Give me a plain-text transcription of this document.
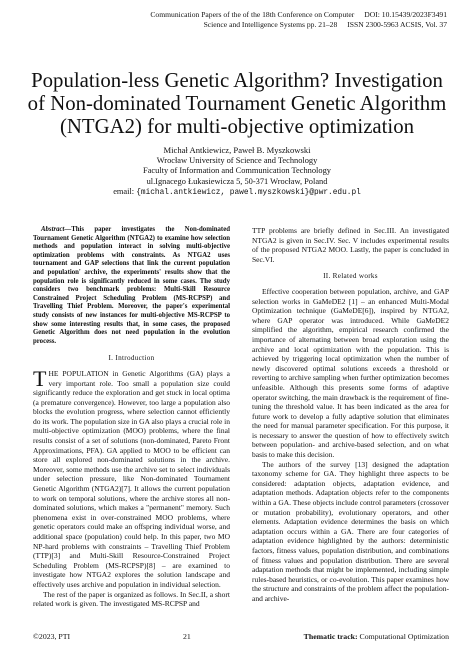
Communication Papers of the of the 18th Conference on Computer DOI: 10.15439/2023F3491
Science and Intelligence Systems pp. 21–28 ISSN 2300-5963 ACSIS, Vol. 37
Population-less Genetic Algorithm? Investigation of Non-dominated Tournament Genetic Algorithm (NTGA2) for multi-objective optimization
Michał Antkiewicz, Paweł B. Myszkowski
Wrocław University of Science and Technology
Faculty of Information and Communication Technology
ul.Ignacego Łukasiewicza 5, 50-371 Wrocław, Poland
email: {michal.antkiewicz, pawel.myszkowski}@pwr.edu.pl

Abstract—This paper investigates the Non-dominated Tournament Genetic Algorithm (NTGA2) to examine how selection methods and population interact in solving multi-objective optimization problems with constraints. As NTGA2 uses tournament and GAP selections that link the current population and population' archive, the experiments' results show that the population role is significantly reduced in some cases. The study considers two benchmark problems: Multi-Skill Resource Constrained Project Scheduling Problem (MS-RCPSP) and Travelling Thief Problem. Moreover, the paper's experimental study consists of new instances for multi-objective MS-RCPSP to show some interesting results that, in some cases, the proposed Genetic Algorithm does not need population in the evolution process.

I. Introduction

THE POPULATION in Genetic Algorithms (GA) plays a very important role. Too small a population size could significantly reduce the exploration and get stuck in local optima (a premature convergence). However, too large a population also blocks the evolution progress, where selection cannot efficiently do its work. The population size in GA also plays a crucial role in multi-objective optimization (MOO) problems, where the final results consist of a set of solutions (non-dominated, Pareto Front Approximations, PFA). GA applied to MOO to be efficient can store all explored non-dominated solutions in the archive. Moreover, some methods use the archive set to select individuals under selection pressure, like Non-dominated Tournament Genetic Algorithm (NTGA2)[7]. It allows the current population to work on temporal solutions, where the archive stores all non-dominated solutions, which makes a "permanent" memory. Such phenomena exist in over-constrained MOO problems, where genetic operators could make an offspring individual worse, and additional space (population) could help. In this paper, two MO NP-hard problems with constraints – Travelling Thief Problem (TTP)[3] and Multi-Skill Resource-Constrained Project Scheduling Problem (MS-RCPSP)[8] – are examined to investigate how NTGA2 explores the solution landscape and effectively uses archive and population in individual selection.

The rest of the paper is organized as follows. In Sec.II, a short related work is given. The investigated MS-RCPSP and

TTP problems are briefly defined in Sec.III. An investigated NTGA2 is given in Sec.IV. Sec. V includes experimental results of the proposed NTGA2 MOO. Lastly, the paper is concluded in Sec.VI.

II. Related works

Effective cooperation between population, archive, and GAP selection works in GaMeDE2 [1] – an enhanced Multi-Modal Optimization technique (GaMeDE[6]), inspired by NTGA2, where GAP operator was introduced. While GaMeDE2 simplified the algorithm, empirical research confirmed the importance of alternating between broad exploration using the archive and local optimization with the population. This is achieved by triggering local optimization when the number of newly discovered optimal solutions exceeds a threshold or reverting to archive sampling when further optimization becomes unfeasible. Although this presents some forms of adaptive operator switching, the main drawback is the requirement of fine-tuning the threshold value. It has been indicated as the area for future work to develop a fully adaptive solution that eliminates the need for manual parameter specification. For this purpose, it is necessary to answer the question of how to effectively switch between population- and archive-based selection, and on what basis to make this decision.

The authors of the survey [13] designed the adaptation taxonomy scheme for GA. They highlight three aspects to be considered: adaptation objects, adaptation evidence, and adaptation methods. Adaptation objects refer to the components within a GA. These objects include control parameters (crossover or mutation probability), evolutionary operators, and other elements. Adaptation evidence determines the basis on which adaptation occurs within a GA. There are four categories of adaptation evidence highlighted by the authors: deterministic factors, fitness values, population distribution, and combinations of fitness values and population distribution. There are several adaptation methods that might be implemented, including simple rules-based heuristics, or co-evolution. This paper examines how the structure and constraints of the problem affect the population- and archive-

©2023, PTI	21	Thematic track: Computational Optimization
